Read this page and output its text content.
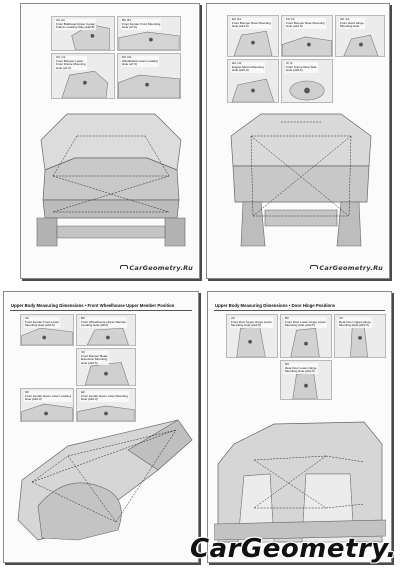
A0, A1
Front Bulkhead Upper Center
Frame Locating Hole (ø12.8)
B0, B1
Front Fender Front Mounting
Hole (ø7.0)
C0, C1
Front Bumper Lower
Front Frame Mounting
Hole (ø7.0)
D0, D1
Windshield Lower Locating
Hole (ø7.0)
CarGeometry.Ru
E0, E1
Front Bumper Rear Mounting
Hole (ø12.0)
F0, F1
Front Bumper Rear Mounting
Hole (ø12.0)
G0, G1
Front Hood Hinge
Mounting Hole
H0, H1
Engine Mount Mounting
Hole (ø10.0)
I0, I1
Front Frame Rear Side
Hole (ø20.0)
CarGeometry.Ru
Upper Body Measuring Dimensions • Front Wheelhouse Upper Member Position
A0
Front Fender Front Lower
Mounting Hole (ø10.0)
B0
Front Wheelhouse Upper Member
Locating Hole (ø8.0)
C0
Front Bumper Beam
Extension Mounting
Hole (ø10.5)
D0
Front Fender Rear Lower Locating
Hole (ø10.0)
E0
Front Fender Rear Lower Mounting
Hole (ø10.0)
Upper Body Measuring Dimensions • Door Hinge Positions
A0
Front Door Upper Hinge Lower
Mounting Hole (ø10.5)
B0
Front Door Lower Hinge Lower
Mounting Hole (ø10.5)
C0
Rear Door Upper Hinge
Mounting Hole (ø10.5)
D0
Rear Door Lower Hinge
Mounting Hole (ø10.5)
CarGeometry.
